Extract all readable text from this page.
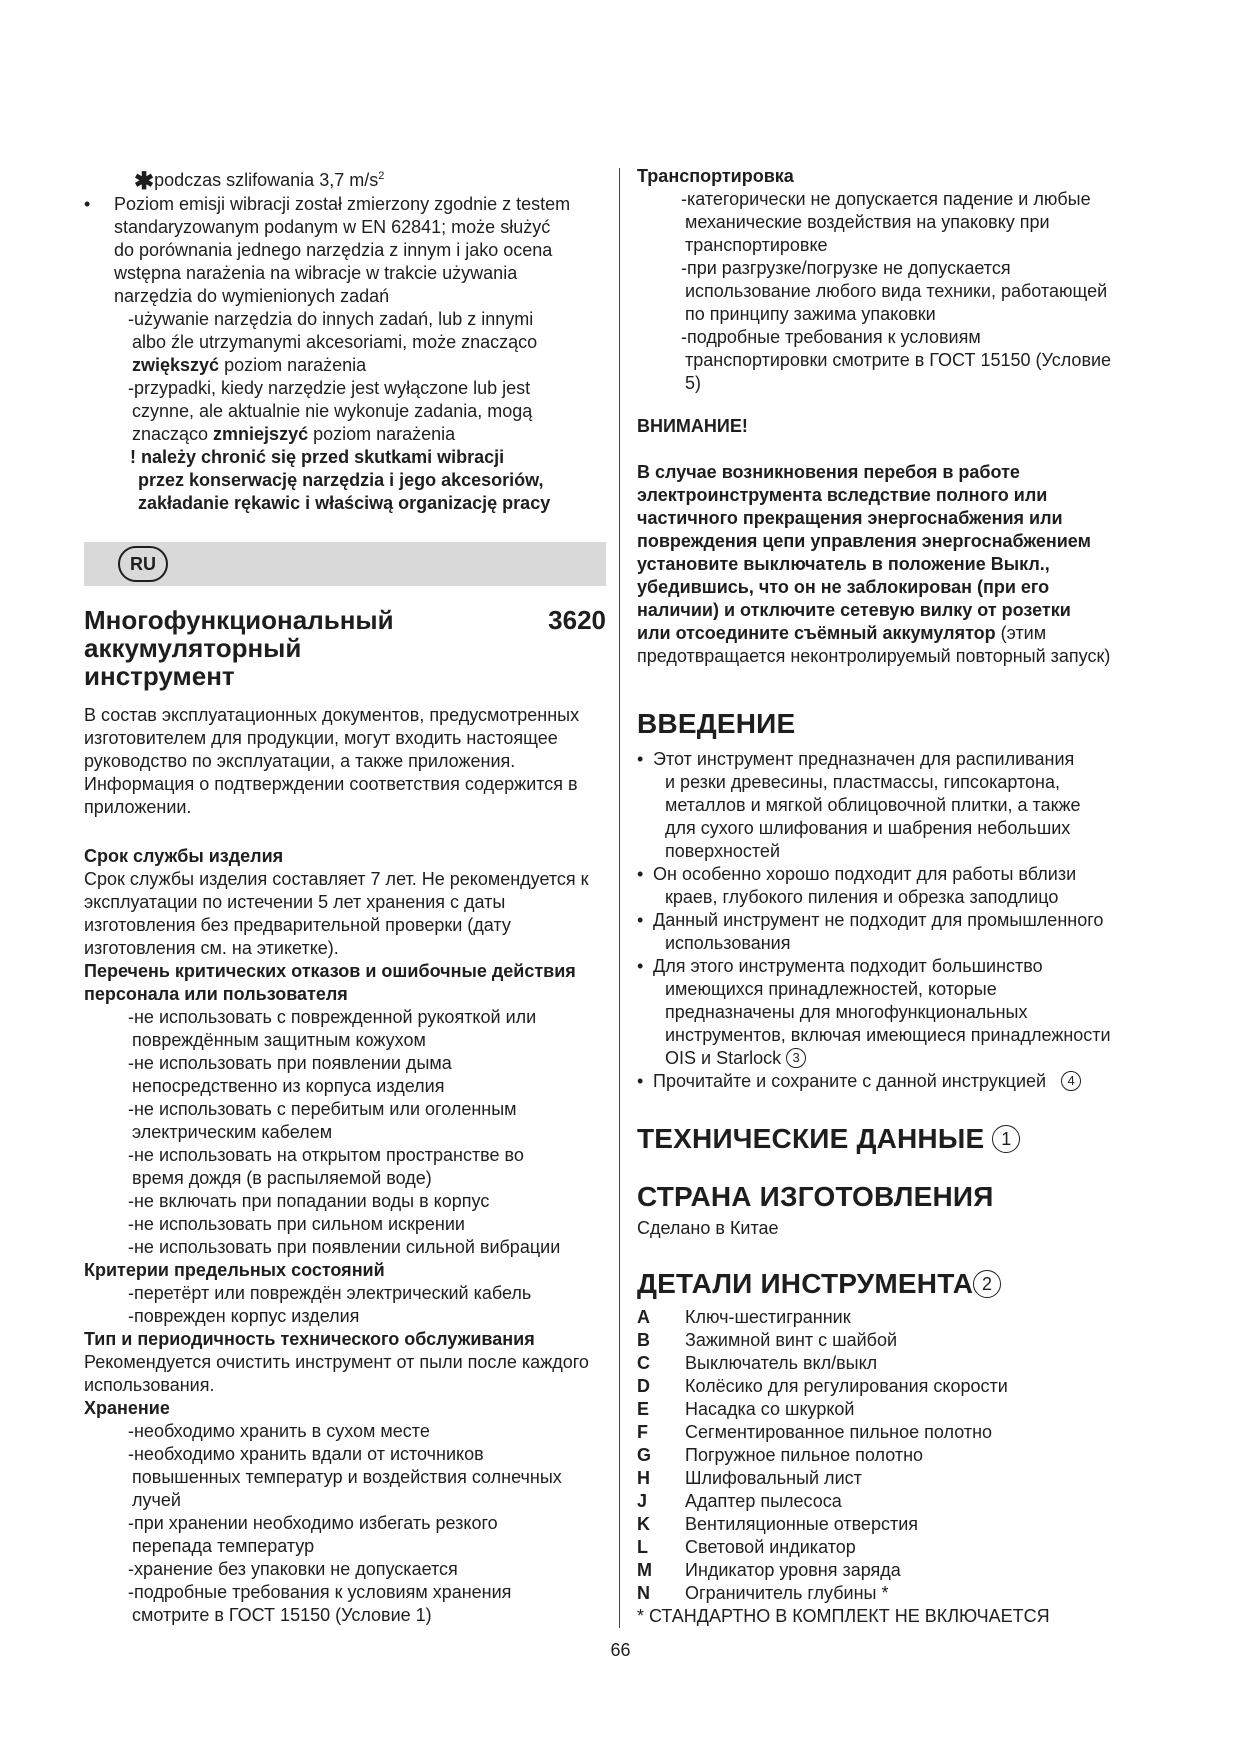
✱podczas szlifowania 3,7 $m/s^2$

• Poziom emisji wibracji został zmierzony zgodnie z testem
standaryzowanym podanym w EN 62841; może służyć
do porównania jednego narzędzia z innym i jako ocena
wstępna narażenia na wibracje w trakcie używania
narzędzia do wymienionych zadań
-używanie narzędzia do innych zadań, lub z innymi
albo źle utrzymanymi akcesoriami, może znacząco
zwiększyć poziom narażenia
-przypadki, kiedy narzędzie jest wyłączone lub jest
czynne, ale aktualnie nie wykonuje zadania, mogą
znacząco zmniejszyć poziom narażenia
! należy chronić się przed skutkami wibracji
przez konserwację narzędzia i jego akcesoriów,
zakładanie rękawic i właściwą organizację pracy
RU
Многофункциональный
аккумуляторный
инструмент
3620

В состав эксплуатационных документов, предусмотренных изготовителем для продукции, могут входить настоящее руководство по эксплуатации, а также приложения.

Информация о подтверждении соответствия содержится в приложении.

Срок службы изделия

Срок службы изделия составляет 7 лет. Не рекомендуется к эксплуатации по истечении 5 лет хранения с даты изготовления без предварительной проверки (дату изготовления см. на этикетке).

Перечень критических отказов и ошибочные действия персонала или пользователя

-не использовать с поврежденной рукояткой или
повреждённым защитным кожухом
-не использовать при появлении дыма
непосредственно из корпуса изделия
-не использовать с перебитым или оголенным
электрическим кабелем
-не использовать на открытом пространстве во
время дождя (в распыляемой воде)
-не включать при попадании воды в корпус
-не использовать при сильном искрении
-не использовать при появлении сильной вибрации

Критерии предельных состояний

-перетёрт или повреждён электрический кабель
-поврежден корпус изделия

Тип и периодичность технического обслуживания

Рекомендуется очистить инструмент от пыли после каждого использования.

Хранение

-необходимо хранить в сухом месте
-необходимо хранить вдали от источников
повышенных температур и воздействия солнечных
лучей
-при хранении необходимо избегать резкого
перепада температур
-хранение без упаковки не допускается
-подробные требования к условиям хранения
смотрите в ГОСТ 15150 (Условие 1)

Транспортировка

-категорически не допускается падение и любые
механические воздействия на упаковку при
транспортировке
-при разгрузке/погрузке не допускается
использование любого вида техники, работающей
по принципу зажима упаковки
-подробные требования к условиям
транспортировки смотрите в ГОСТ 15150 (Условие
5)

ВНИМАНИЕ!

В случае возникновения перебоя в работе
электроинструмента вследствие полного или
частичного прекращения энергоснабжения или
повреждения цепи управления энергоснабжением
установите выключатель в положение Выкл.,
убедившись, что он не заблокирован (при его
наличии) и отключите сетевую вилку от розетки
или отсоедините съёмный аккумулятор (этим
предотвращается неконтролируемый повторный запуск)

ВВЕДЕНИЕ

• Этот инструмент предназначен для распиливания
и резки древесины, пластмассы, гипсокартона,
металлов и мягкой облицовочной плитки, а также
для сухого шлифования и шабрения небольших
поверхностей
• Он особенно хорошо подходит для работы вблизи
краев, глубокого пиления и обрезка заподлицо
• Данный инструмент не подходит для промышленного
использования
• Для этого инструмента подходит большинство
имеющихся принадлежностей, которые
предназначены для многофункциональных
инструментов, включая имеющиеся принадлежности
OIS и Starlock 3
• Прочитайте и сохраните с данной инструкцией 4

ТЕХНИЧЕСКИЕ ДАННЫЕ 1

СТРАНА ИЗГОТОВЛЕНИЯ

Сделано в Китае

ДЕТАЛИ ИНСТРУМЕНТА 2

A	Ключ-шестигранник
B	Зажимной винт с шайбой
C	Выключатель вкл/выкл
D	Колёсико для регулирования скорости
E	Насадка со шкуркой
F	Сегментированное пильное полотно
G	Погружное пильное полотно
H	Шлифовальный лист
J	Адаптер пылесоса
K	Вентиляционные отверстия
L	Световой индикатор
M	Индикатор уровня заряда
N	Ограничитель глубины *

* СТАНДАРТНО В КОМПЛЕКТ НЕ ВКЛЮЧАЕТСЯ

66
